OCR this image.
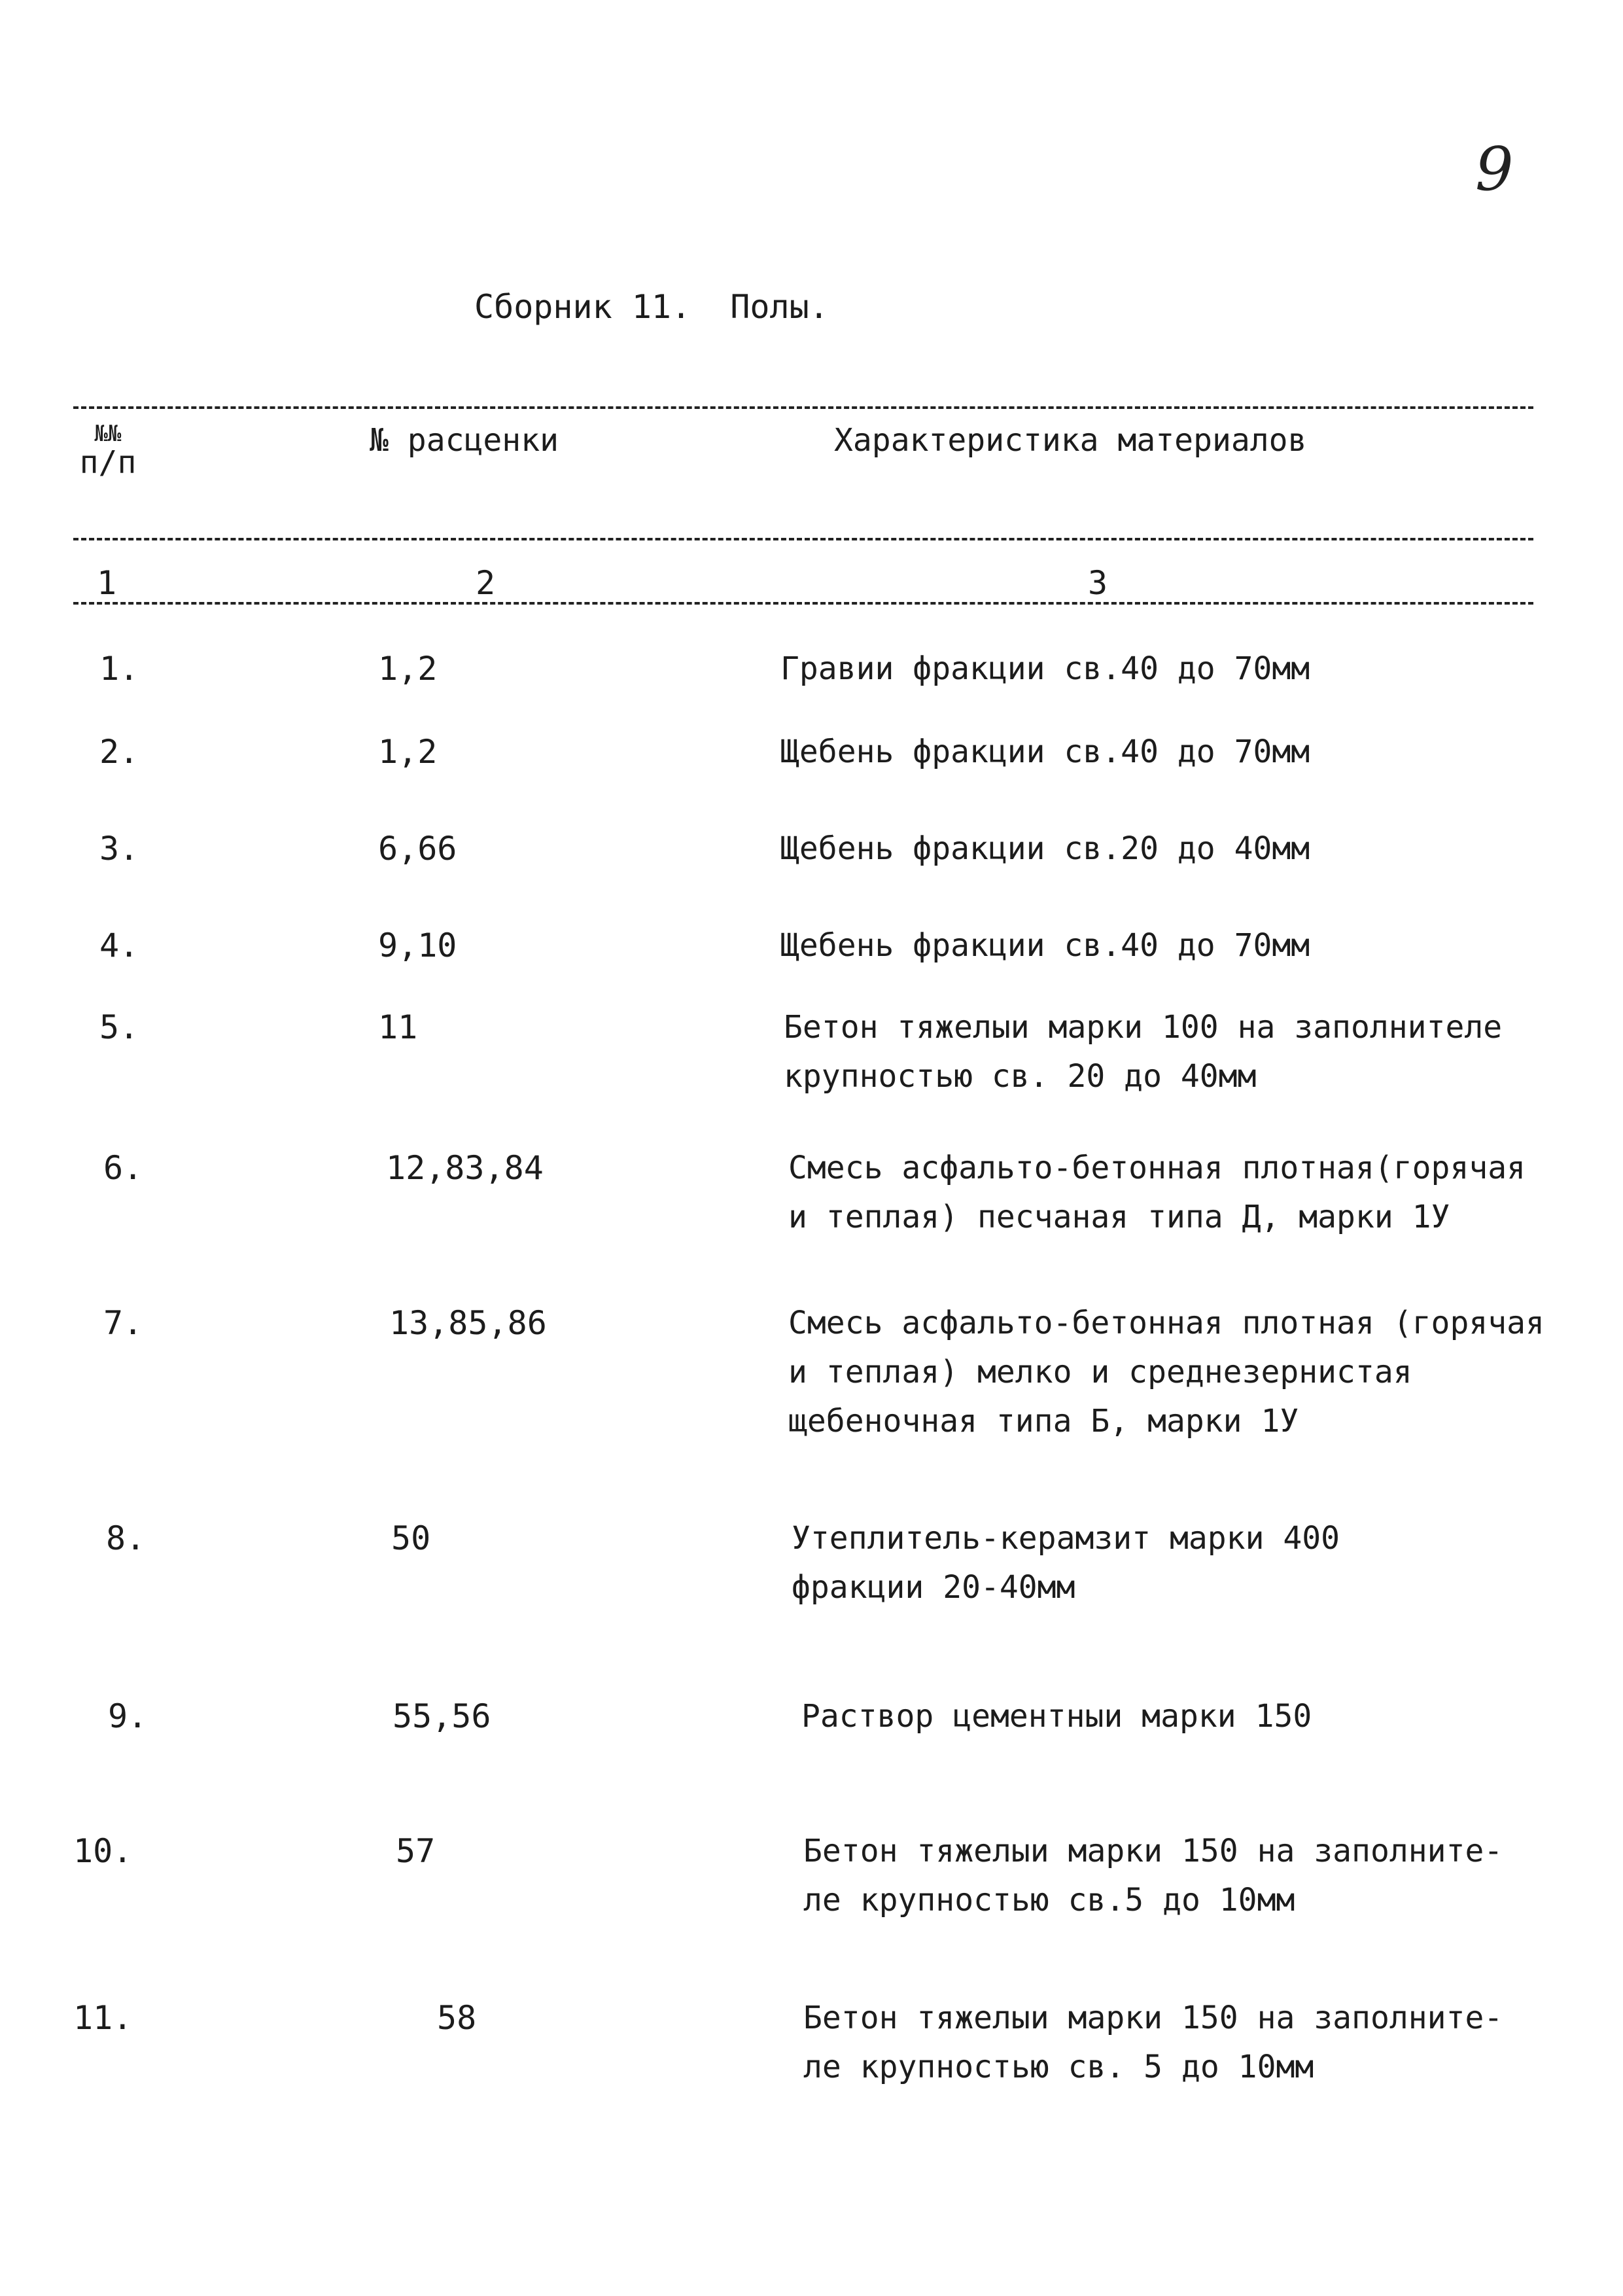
9
Сборник 11.  Полы.
№№
п/п
№ расценки	Характеристика материалов
1	2	3
1.	1,2	Гравии фракции св.40 до 70мм
2.	1,2	Щебень фракции св.40 до 70мм
3.	6,66	Щебень фракции св.20 до 40мм
4.	9,10	Щебень фракции св.40 до 70мм
5.	11	Бетон тяжелыи марки 100 на заполнителе
крупностью св. 20 до 40мм
6.	12,83,84	Смесь асфальто-бетонная плотная(горячая
и теплая) песчаная типа Д, марки 1У
7.	13,85,86	Смесь асфальто-бетонная плотная (горячая
и теплая) мелко и среднезернистая
щебеночная типа Б, марки 1У
8.	50	Утеплитель-керамзит марки 400
фракции 20-40мм
9.	55,56	Раствор цементныи марки 150
10.	57	Бетон тяжелыи марки 150 на заполните-
ле крупностью св.5 до 10мм
11.	58	Бетон тяжелыи марки 150 на заполните-
ле крупностью св. 5 до 10мм
